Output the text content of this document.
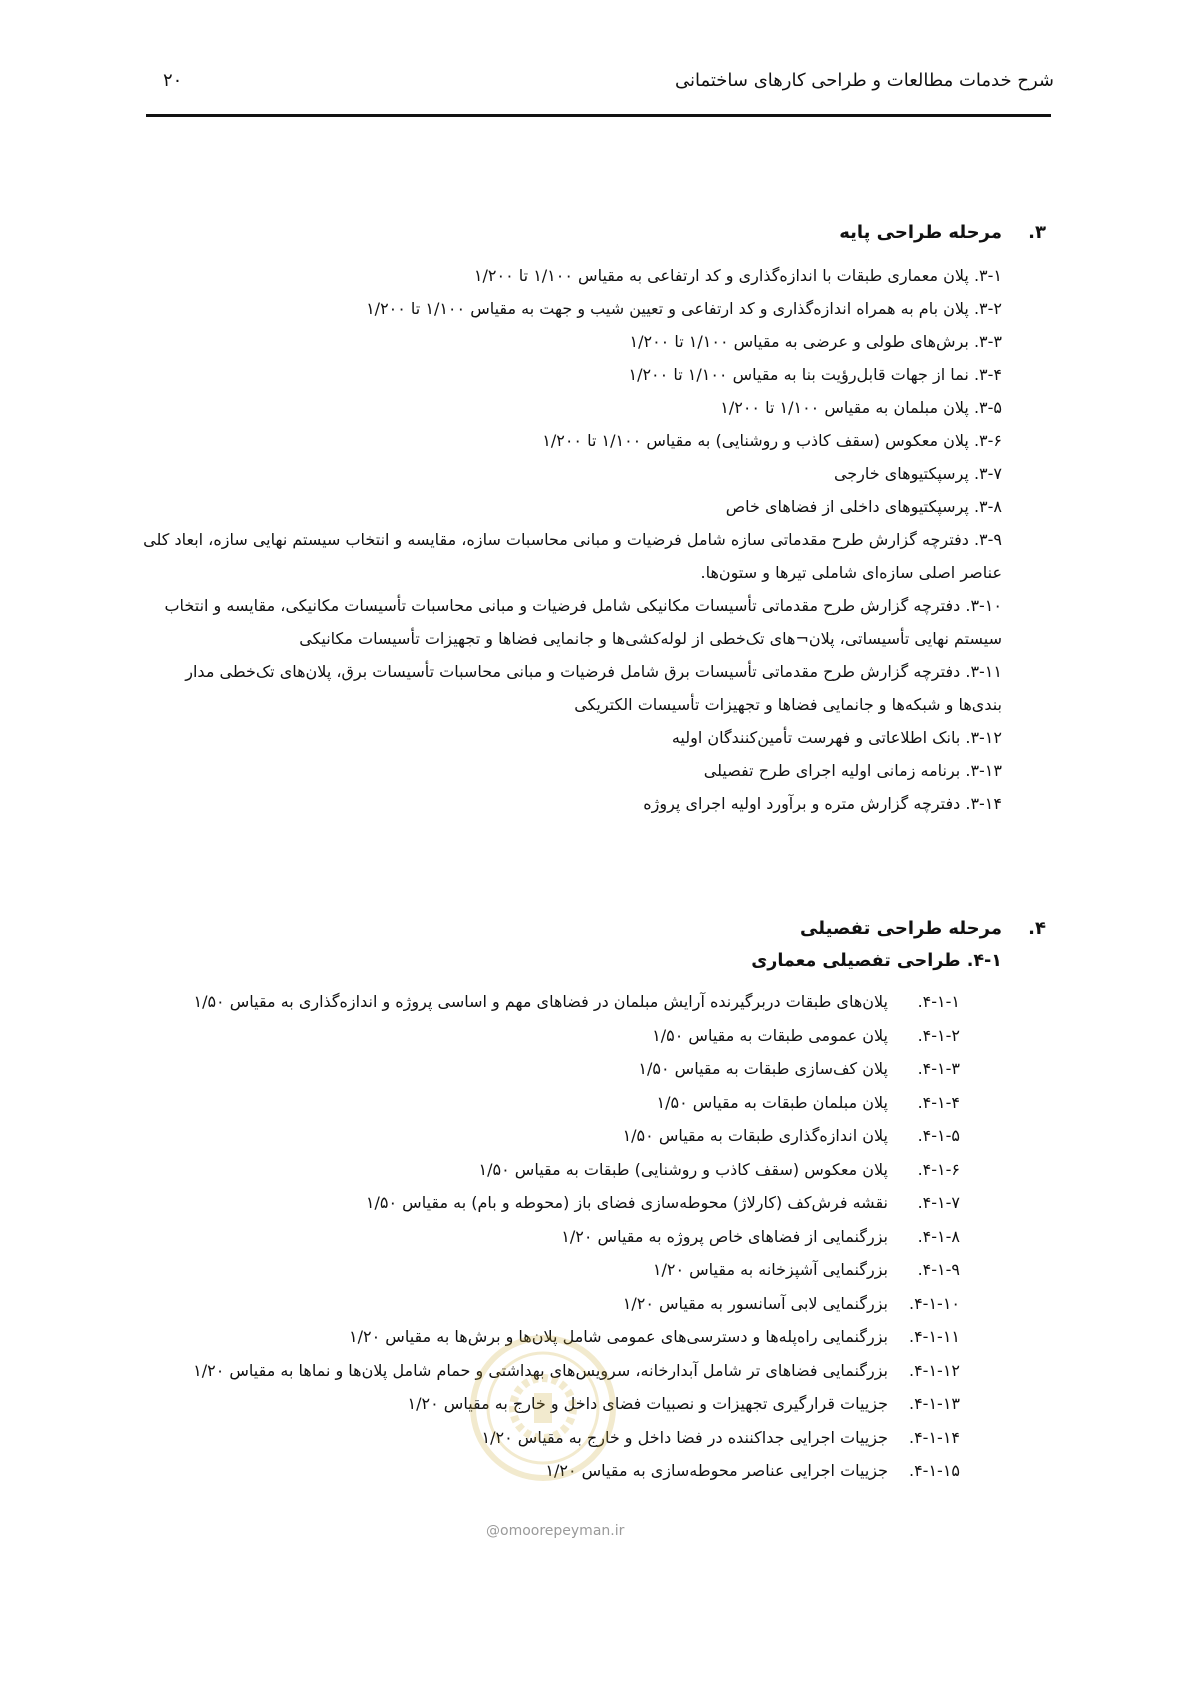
شرح خدمات مطالعات و طراحی کارهای ساختمانی
۲۰
۳.
مرحله طراحی پایه
۳-۱. پلان معماری طبقات با اندازه‌گذاری و کد ارتفاعی به مقیاس ۱/۱۰۰ تا ۱/۲۰۰
۳-۲. پلان بام به همراه اندازه‌گذاری و کد ارتفاعی و تعیین شیب و جهت به مقیاس ۱/۱۰۰ تا ۱/۲۰۰
۳-۳. برش‌های طولی و عرضی به مقیاس ۱/۱۰۰ تا ۱/۲۰۰
۳-۴. نما از جهات قابل‌رؤیت بنا به مقیاس ۱/۱۰۰ تا ۱/۲۰۰
۳-۵. پلان مبلمان به مقیاس ۱/۱۰۰ تا ۱/۲۰۰
۳-۶. پلان معکوس (سقف کاذب و روشنایی) به مقیاس ۱/۱۰۰ تا ۱/۲۰۰
۳-۷. پرسپکتیوهای خارجی
۳-۸. پرسپکتیوهای داخلی از فضاهای خاص
۳-۹. دفترچه گزارش طرح مقدماتی سازه شامل فرضیات و مبانی محاسبات سازه، مقایسه و انتخاب سیستم نهایی سازه، ابعاد کلی عناصر اصلی سازه‌ای شاملی تیرها و ستون‌ها.
۳-۱۰. دفترچه گزارش طرح مقدماتی تأسیسات مکانیکی شامل فرضیات و مبانی محاسبات تأسیسات مکانیکی، مقایسه و انتخاب سیستم نهایی تأسیساتی، پلان¬های تک‌خطی از لوله‌کشی‌ها و جانمایی فضاها و تجهیزات تأسیسات مکانیکی
۳-۱۱. دفترچه گزارش طرح مقدماتی تأسیسات برق شامل فرضیات و مبانی محاسبات تأسیسات برق، پلان‌های تک‌خطی مدار بندی‌ها و شبکه‌ها و جانمایی فضاها و تجهیزات تأسیسات الکتریکی
۳-۱۲. بانک اطلاعاتی و فهرست تأمین‌کنندگان اولیه
۳-۱۳. برنامه زمانی اولیه اجرای طرح تفصیلی
۳-۱۴. دفترچه گزارش متره و برآورد اولیه اجرای پروژه
۴.
مرحله طراحی تفصیلی
۴-۱. طراحی تفصیلی معماری
۴-۱-۱.پلان‌های طبقات دربرگیرنده آرایش مبلمان در فضاهای مهم و اساسی پروژه و اندازه‌گذاری به مقیاس ۱/۵۰
۴-۱-۲.پلان عمومی طبقات به مقیاس ۱/۵۰
۴-۱-۳.پلان کف‌سازی طبقات به مقیاس ۱/۵۰
۴-۱-۴.پلان مبلمان طبقات به مقیاس ۱/۵۰
۴-۱-۵.پلان اندازه‌گذاری طبقات به مقیاس ۱/۵۰
۴-۱-۶.پلان معکوس (سقف کاذب و روشنایی) طبقات به مقیاس ۱/۵۰
۴-۱-۷.نقشه فرش‌کف (کارلاژ) محوطه‌سازی فضای باز (محوطه و بام) به مقیاس ۱/۵۰
۴-۱-۸.بزرگنمایی از فضاهای خاص پروژه به مقیاس ۱/۲۰
۴-۱-۹.بزرگنمایی آشپزخانه به مقیاس ۱/۲۰
۴-۱-۱۰.بزرگنمایی لابی آسانسور به مقیاس ۱/۲۰
۴-۱-۱۱.بزرگنمایی راه‌پله‌ها و دسترسی‌های عمومی شامل پلان‌ها و برش‌ها به مقیاس ۱/۲۰
۴-۱-۱۲.بزرگنمایی فضاهای تر شامل آبدارخانه، سرویس‌های بهداشتی و حمام شامل پلان‌ها و نماها به مقیاس ۱/۲۰
۴-۱-۱۳.جزییات قرارگیری تجهیزات و نصبیات فضای داخل و خارج به مقیاس ۱/۲۰
۴-۱-۱۴.جزییات اجرایی جداکننده در فضا داخل و خارج به مقیاس ۱/۲۰
۴-۱-۱۵.جزییات اجرایی عناصر محوطه‌سازی به مقیاس ۱/۲۰
@omoorepeyman.ir
